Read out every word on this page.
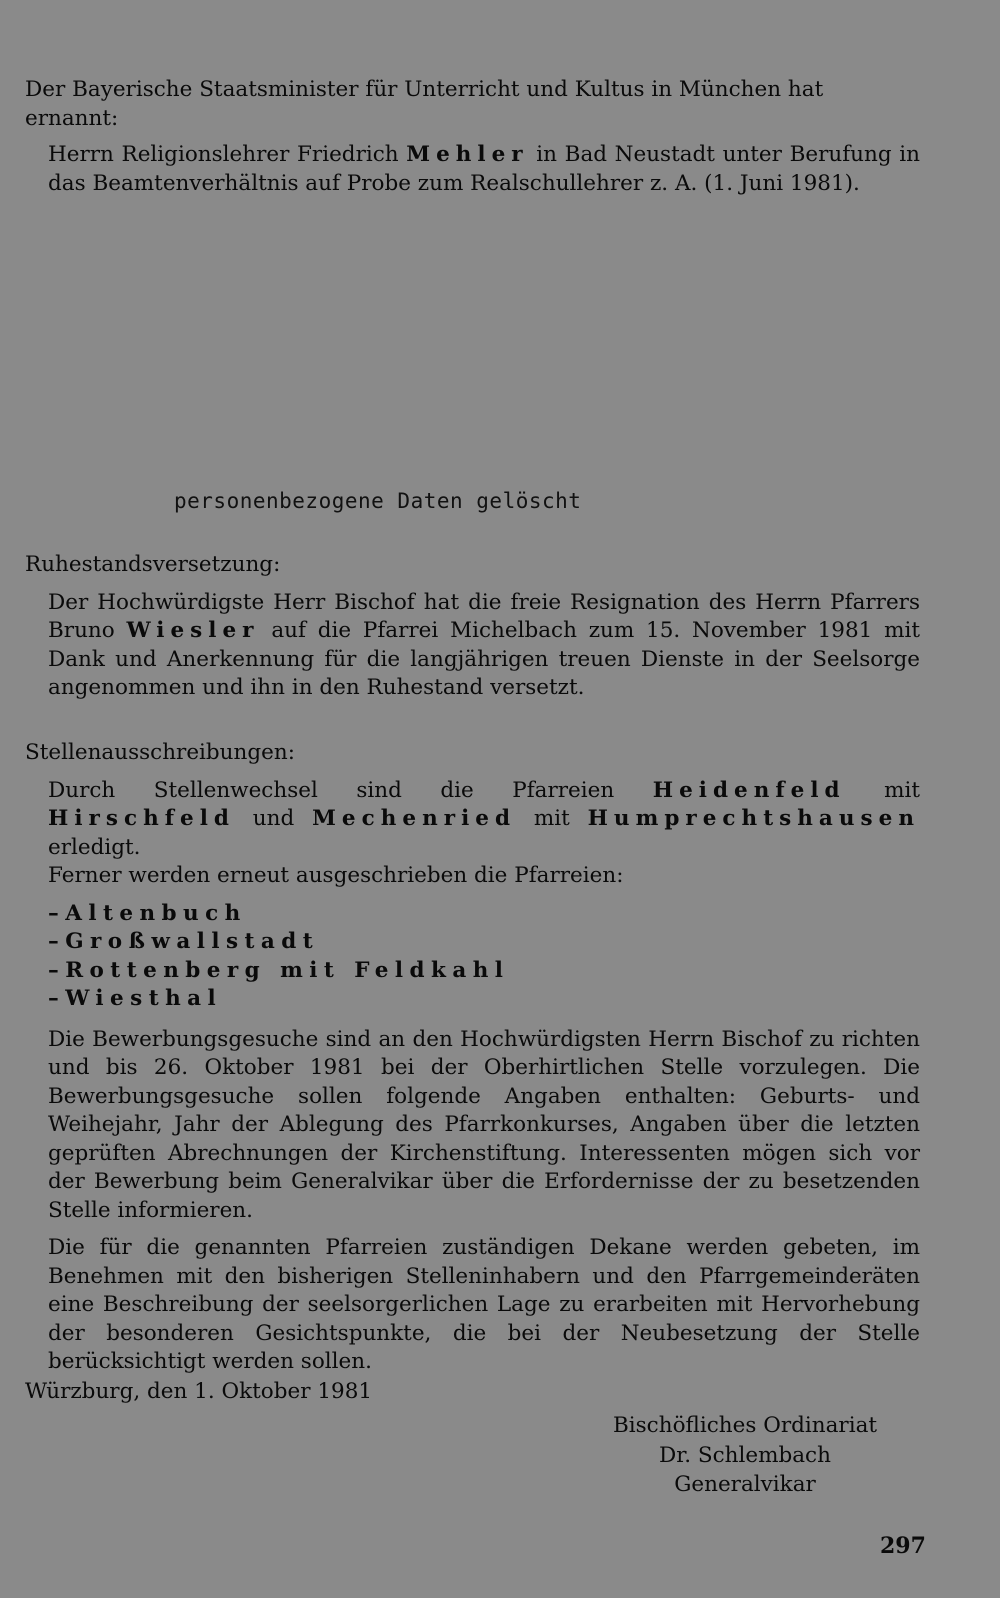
Der Bayerische Staatsminister für Unterricht und Kultus in München hat ernannt:

Herrn Religionslehrer Friedrich Mehler in Bad Neustadt unter Berufung in das Beamtenverhältnis auf Probe zum Realschullehrer z. A. (1. Juni 1981).

personenbezogene Daten gelöscht

Ruhestandsversetzung:

Der Hochwürdigste Herr Bischof hat die freie Resignation des Herrn Pfarrers Bruno Wiesler auf die Pfarrei Michelbach zum 15. November 1981 mit Dank und Anerkennung für die langjährigen treuen Dienste in der Seelsorge angenommen und ihn in den Ruhestand versetzt.

Stellenausschreibungen:

Durch Stellenwechsel sind die Pfarreien Heidenfeld mit Hirschfeld und Mechenried mit Humprechtshausen erledigt.

Ferner werden erneut ausgeschrieben die Pfarreien:

–Altenbuch

–Großwallstadt

–Rottenberg mit Feldkahl

–Wiesthal

Die Bewerbungsgesuche sind an den Hochwürdigsten Herrn Bischof zu richten und bis 26. Oktober 1981 bei der Oberhirtlichen Stelle vorzulegen. Die Bewerbungsgesuche sollen folgende Angaben enthalten: Geburts- und Weihejahr, Jahr der Ablegung des Pfarrkonkurses, Angaben über die letzten geprüften Abrechnungen der Kirchenstiftung. Interessenten mögen sich vor der Bewerbung beim Generalvikar über die Erfordernisse der zu besetzenden Stelle informieren.

Die für die genannten Pfarreien zuständigen Dekane werden gebeten, im Benehmen mit den bisherigen Stelleninhabern und den Pfarrgemeinderäten eine Beschreibung der seelsorgerlichen Lage zu erarbeiten mit Hervorhebung der besonderen Gesichtspunkte, die bei der Neubesetzung der Stelle berücksichtigt werden sollen.

Würzburg, den 1. Oktober 1981
Bischöfliches Ordinariat
Dr. Schlembach
Generalvikar
297
